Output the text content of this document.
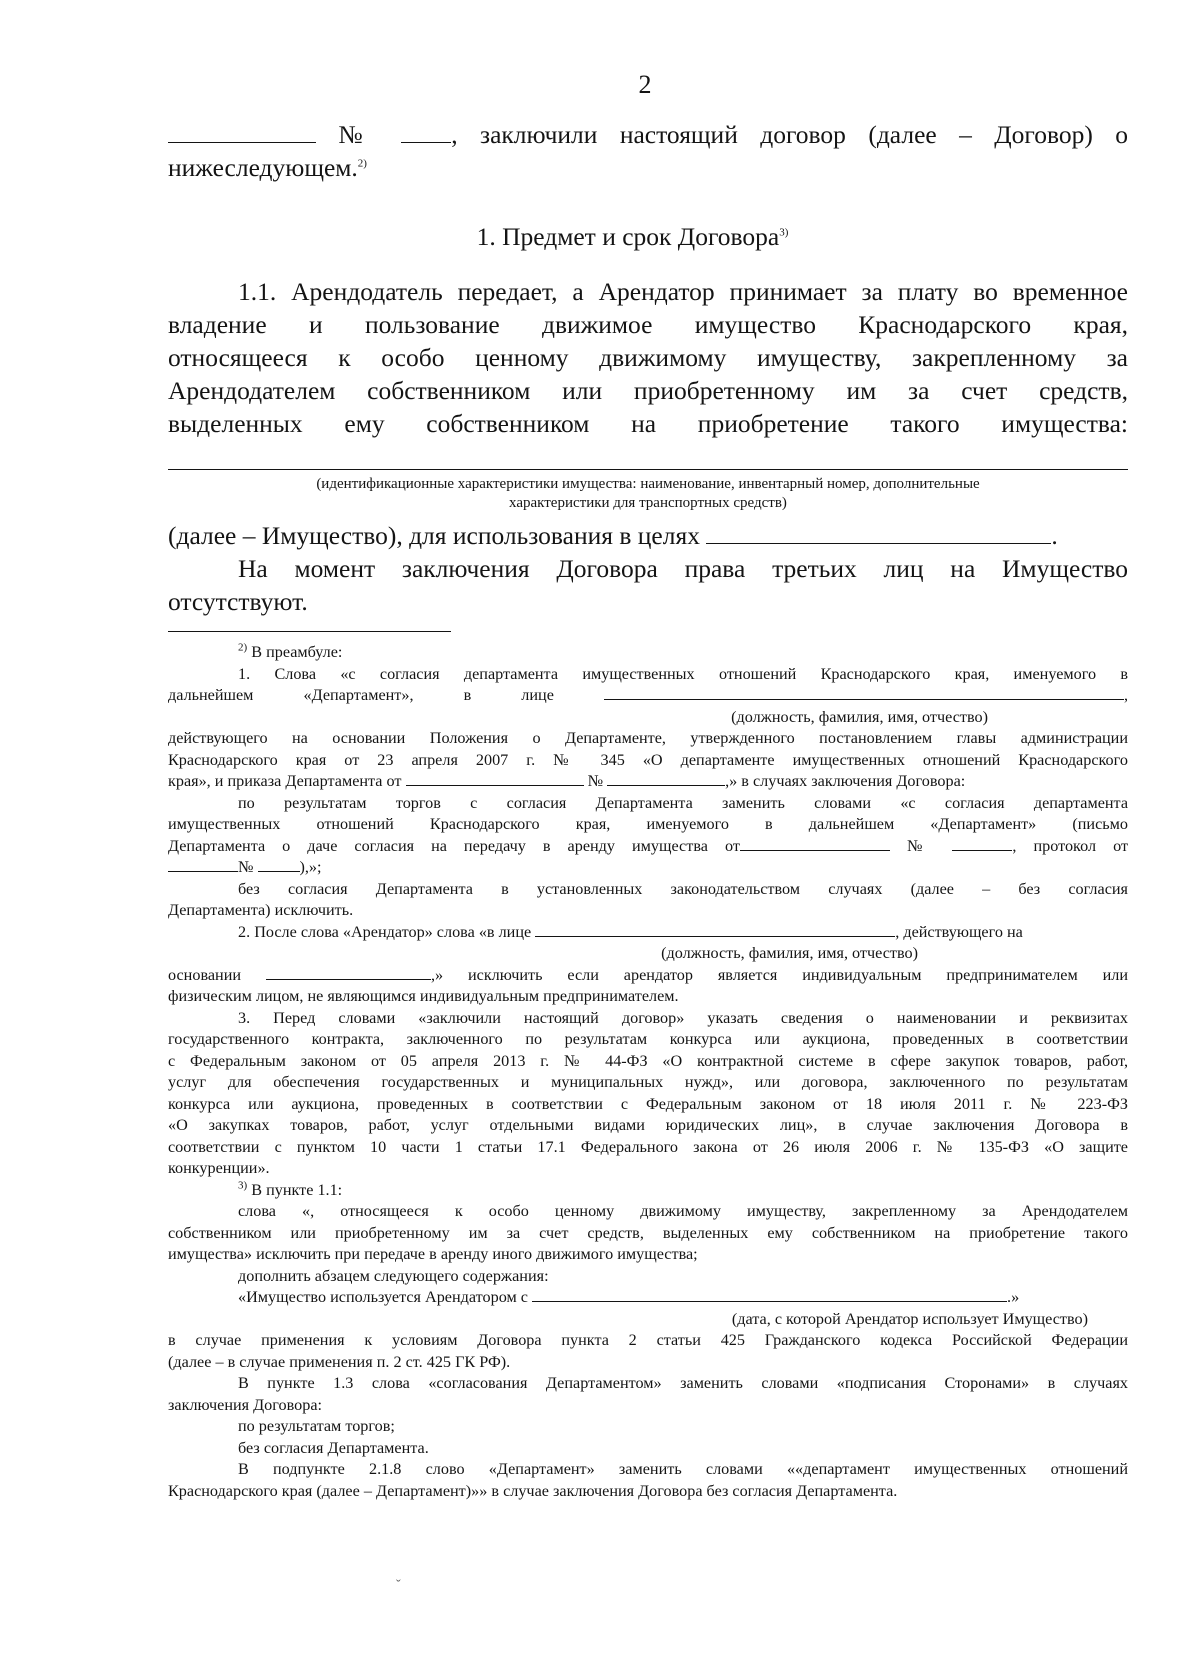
2
№	, заключили настоящий договор (далее – Договор) о
нижеследующем.$^{2)}$
1. Предмет и срок Договора$^{3)}$
1.1. Арендодатель передает, а Арендатор принимает за плату во временное
владение и пользование движимое имущество Краснодарского края,
относящееся к особо ценному движимому имуществу, закрепленному за
Арендодателем собственником или приобретенному им за счет средств,
выделенных ему собственником на приобретение такого имущества:
(идентификационные характеристики имущества: наименование, инвентарный номер, дополнительные
характеристики для транспортных средств)
(далее – Имущество), для использования в целях	.
На момент заключения Договора права третьих лиц на Имущество
отсутствуют.
$^{2)}$ В преамбуле:
1. Слова «с согласия департамента имущественных отношений Краснодарского края, именуемого в
дальнейшем «Департамент», в лице	,
(должность, фамилия, имя, отчество)
действующего на основании Положения о Департаменте, утвержденного постановлением главы администрации
Краснодарского края от 23 апреля 2007 г. № 345 «О департаменте имущественных отношений Краснодарского
края», и приказа Департамента от	№	,» в случаях заключения Договора:
по результатам торгов с согласия Департамента заменить словами «с согласия департамента
имущественных отношений Краснодарского края, именуемого в дальнейшем «Департамент» (письмо
Департамента о даче согласия на передачу в аренду имущества от	№	, протокол от
№	),»;
без согласия Департамента в установленных законодательством случаях (далее – без согласия
Департамента) исключить.
2. После слова «Арендатор» слова «в лице	, действующего на
(должность, фамилия, имя, отчество)
основании	,» исключить если арендатор является индивидуальным предпринимателем или
физическим лицом, не являющимся индивидуальным предпринимателем.
3. Перед словами «заключили настоящий договор» указать сведения о наименовании и реквизитах
государственного контракта, заключенного по результатам конкурса или аукциона, проведенных в соответствии
с Федеральным законом от 05 апреля 2013 г. № 44-ФЗ «О контрактной системе в сфере закупок товаров, работ,
услуг для обеспечения государственных и муниципальных нужд», или договора, заключенного по результатам
конкурса или аукциона, проведенных в соответствии с Федеральным законом от 18 июля 2011 г. № 223-ФЗ
«О закупках товаров, работ, услуг отдельными видами юридических лиц», в случае заключения Договора в
соответствии с пунктом 10 части 1 статьи 17.1 Федерального закона от 26 июля 2006 г. № 135-ФЗ «О защите
конкуренции».
$^{3)}$ В пункте 1.1:
слова «, относящееся к особо ценному движимому имуществу, закрепленному за Арендодателем
собственником или приобретенному им за счет средств, выделенных ему собственником на приобретение такого
имущества» исключить при передаче в аренду иного движимого имущества;
дополнить абзацем следующего содержания:
«Имущество используется Арендатором с	.»
(дата, с которой Арендатор использует Имущество)
в случае применения к условиям Договора пункта 2 статьи 425 Гражданского кодекса Российской Федерации
(далее – в случае применения п. 2 ст. 425 ГК РФ).
В пункте 1.3 слова «согласования Департаментом» заменить словами «подписания Сторонами» в случаях
заключения Договора:
по результатам торгов;
без согласия Департамента.
В подпункте 2.1.8 слово «Департамент» заменить словами ««департамент имущественных отношений
Краснодарского края (далее – Департамент)»» в случае заключения Договора без согласия Департамента.
ˇ
